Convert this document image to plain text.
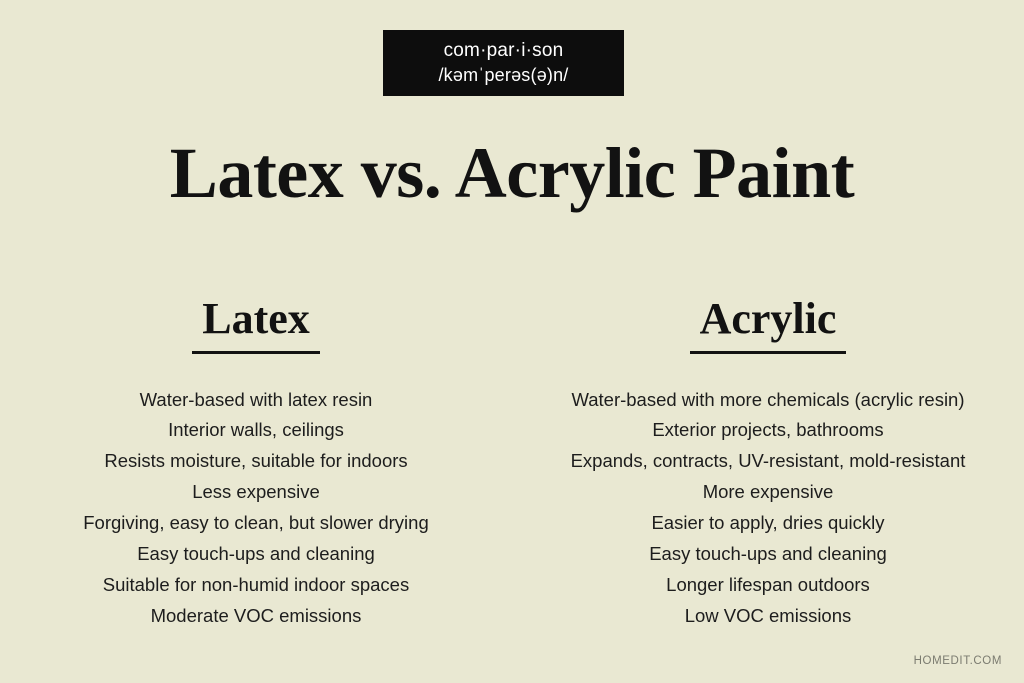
com·par·i·son
/kəmˈperəs(ə)n/
Latex vs. Acrylic Paint
Latex
Water-based with latex resin
Interior walls, ceilings
Resists moisture, suitable for indoors
Less expensive
Forgiving, easy to clean, but slower drying
Easy touch-ups and cleaning
Suitable for non-humid indoor spaces
Moderate VOC emissions
Acrylic
Water-based with more chemicals (acrylic resin)
Exterior projects, bathrooms
Expands, contracts, UV-resistant, mold-resistant
More expensive
Easier to apply, dries quickly
Easy touch-ups and cleaning
Longer lifespan outdoors
Low VOC emissions
HOMEDIT.COM
